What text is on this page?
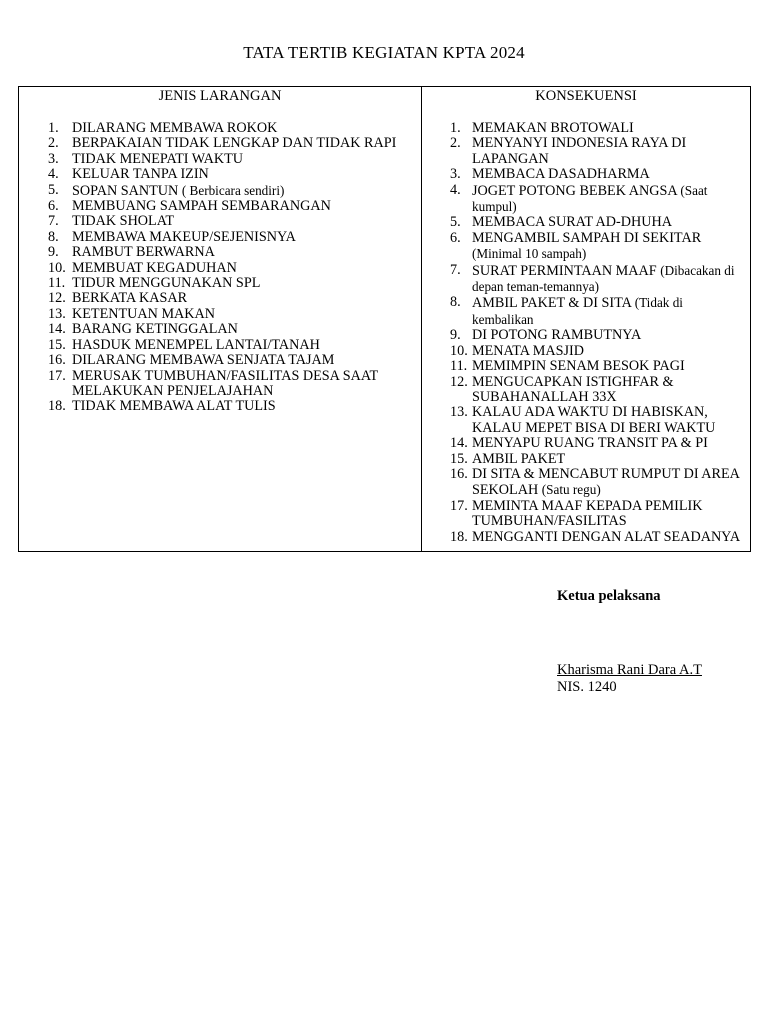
TATA TERTIB KEGIATAN KPTA 2024
JENIS LARANGAN
1. DILARANG MEMBAWA ROKOK
2. BERPAKAIAN TIDAK LENGKAP DAN TIDAK RAPI
3. TIDAK MENEPATI WAKTU
4. KELUAR TANPA IZIN
5. SOPAN SANTUN ( Berbicara sendiri)
6. MEMBUANG SAMPAH SEMBARANGAN
7. TIDAK SHOLAT
8. MEMBAWA MAKEUP/SEJENISNYA
9. RAMBUT BERWARNA
10. MEMBUAT KEGADUHAN
11. TIDUR MENGGUNAKAN SPL
12. BERKATA KASAR
13. KETENTUAN MAKAN
14. BARANG KETINGGALAN
15. HASDUK MENEMPEL LANTAI/TANAH
16. DILARANG MEMBAWA SENJATA TAJAM
17. MERUSAK TUMBUHAN/FASILITAS DESA SAAT MELAKUKAN PENJELAJAHAN
18. TIDAK MEMBAWA ALAT TULIS
KONSEKUENSI
1. MEMAKAN BROTOWALI
2. MENYANYI INDONESIA RAYA DI LAPANGAN
3. MEMBACA DASADHARMA
4. JOGET POTONG BEBEK ANGSA (Saat kumpul)
5. MEMBACA SURAT AD-DHUHA
6. MENGAMBIL SAMPAH DI SEKITAR (Minimal 10 sampah)
7. SURAT PERMINTAAN MAAF (Dibacakan di depan teman-temannya)
8. AMBIL PAKET & DI SITA (Tidak di kembalikan
9. DI POTONG RAMBUTNYA
10. MENATA MASJID
11. MEMIMPIN SENAM BESOK PAGI
12. MENGUCAPKAN ISTIGHFAR & SUBAHANALLAH 33X
13. KALAU ADA WAKTU DI HABISKAN, KALAU MEPET BISA DI BERI WAKTU
14. MENYAPU RUANG TRANSIT PA & PI
15. AMBIL PAKET
16. DI SITA & MENCABUT RUMPUT DI AREA SEKOLAH (Satu regu)
17. MEMINTA MAAF KEPADA PEMILIK TUMBUHAN/FASILITAS
18. MENGGANTI DENGAN ALAT SEADANYA
Ketua pelaksana
Kharisma Rani Dara A.T
NIS. 1240
